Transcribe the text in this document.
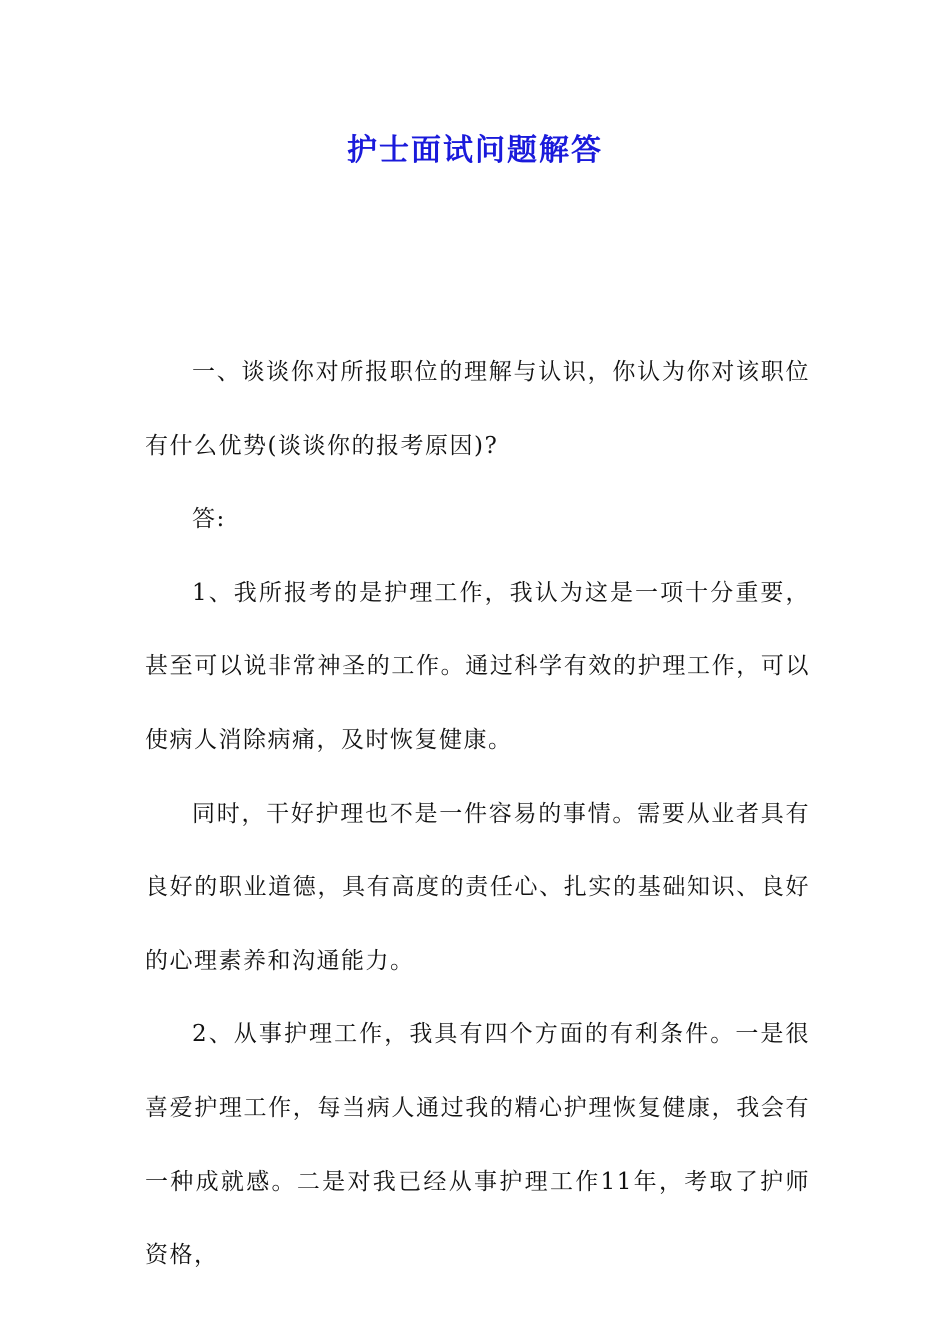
护士面试问题解答

一、谈谈你对所报职位的理解与认识，你认为你对该职位有什么优势(谈谈你的报考原因)?

答:

1、我所报考的是护理工作，我认为这是一项十分重要，甚至可以说非常神圣的工作。通过科学有效的护理工作，可以使病人消除病痛，及时恢复健康。

同时，干好护理也不是一件容易的事情。需要从业者具有良好的职业道德，具有高度的责任心、扎实的基础知识、良好的心理素养和沟通能力。

2、从事护理工作，我具有四个方面的有利条件。一是很喜爱护理工作，每当病人通过我的精心护理恢复健康，我会有一种成就感。二是对我已经从事护理工作11年，考取了护师资格，
